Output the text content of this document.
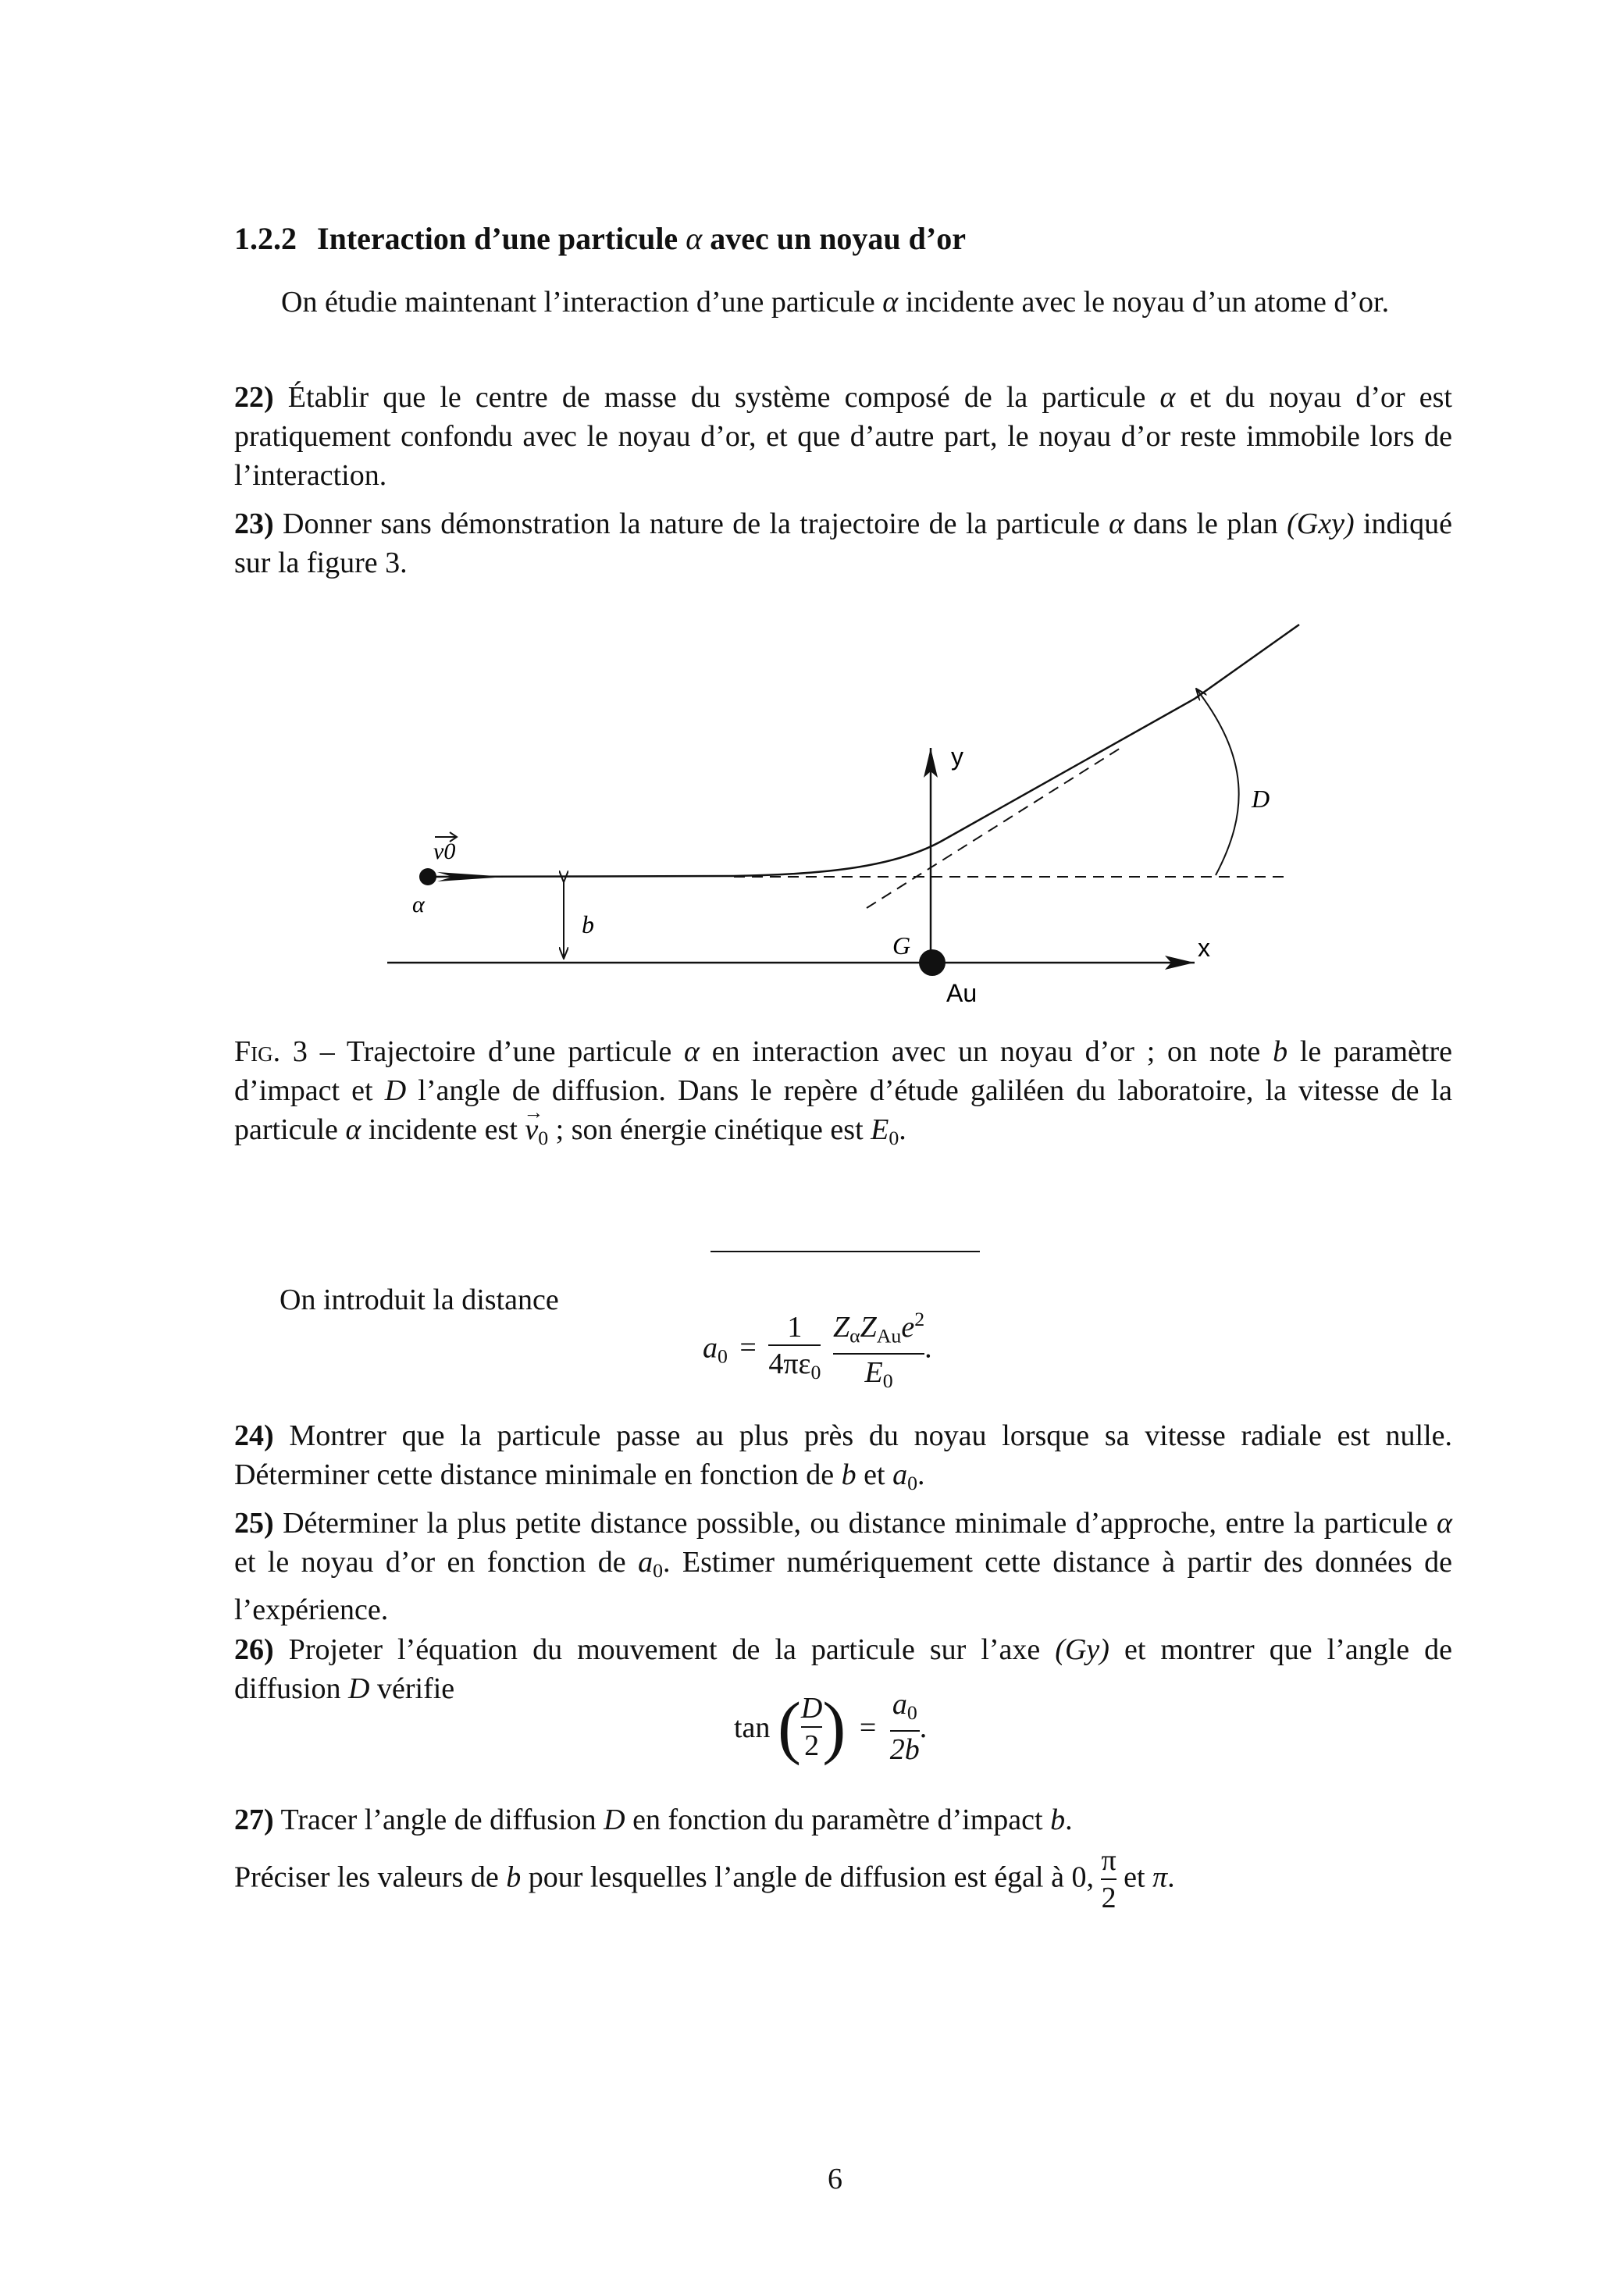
1.2.2 Interaction d’une particule α avec un noyau d’or
On étudie maintenant l’interaction d’une particule α incidente avec le noyau d’un atome d’or.
22) Établir que le centre de masse du système composé de la particule α et du noyau d’or est pratiquement confondu avec le noyau d’or, et que d’autre part, le noyau d’or reste immobile lors de l’interaction.
23) Donner sans démonstration la nature de la trajectoire de la particule α dans le plan (Gxy) indiqué sur la figure 3.
v0
α
b
y
x
G
Au
D
Fig. 3 – Trajectoire d’une particule α en interaction avec un noyau d’or ; on note b le paramètre d’impact et D l’angle de diffusion. Dans le repère d’étude galiléen du laboratoire, la vitesse de la particule α incidente est $v \to_0$ ; son énergie cinétique est $E_0$.
On introduit la distance
$a_0 = \frac{1}{4\pi\varepsilon_0}$
$\frac{Z_\alpha Z_{Au}e^2}{E_0}$ .
24) Montrer que la particule passe au plus près du noyau lorsque sa vitesse radiale est nulle. Déterminer cette distance minimale en fonction de b et $a_0$.
25) Déterminer la plus petite distance possible, ou distance minimale d’approche, entre la particule α et le noyau d’or en fonction de $a_0$. Estimer numériquement cette distance à partir des données de l’expérience.
26) Projeter l’équation du mouvement de la particule sur l’axe (Gy) et montrer que l’angle de diffusion D vérifie
tan ( $\frac{D}{2}$ ) = $\frac{a_0}{2b}$ .
27) Tracer l’angle de diffusion D en fonction du paramètre d’impact b.
Préciser les valeurs de b pour lesquelles l’angle de diffusion est égal à 0, $\frac{\pi}{2}$ et π.
6
